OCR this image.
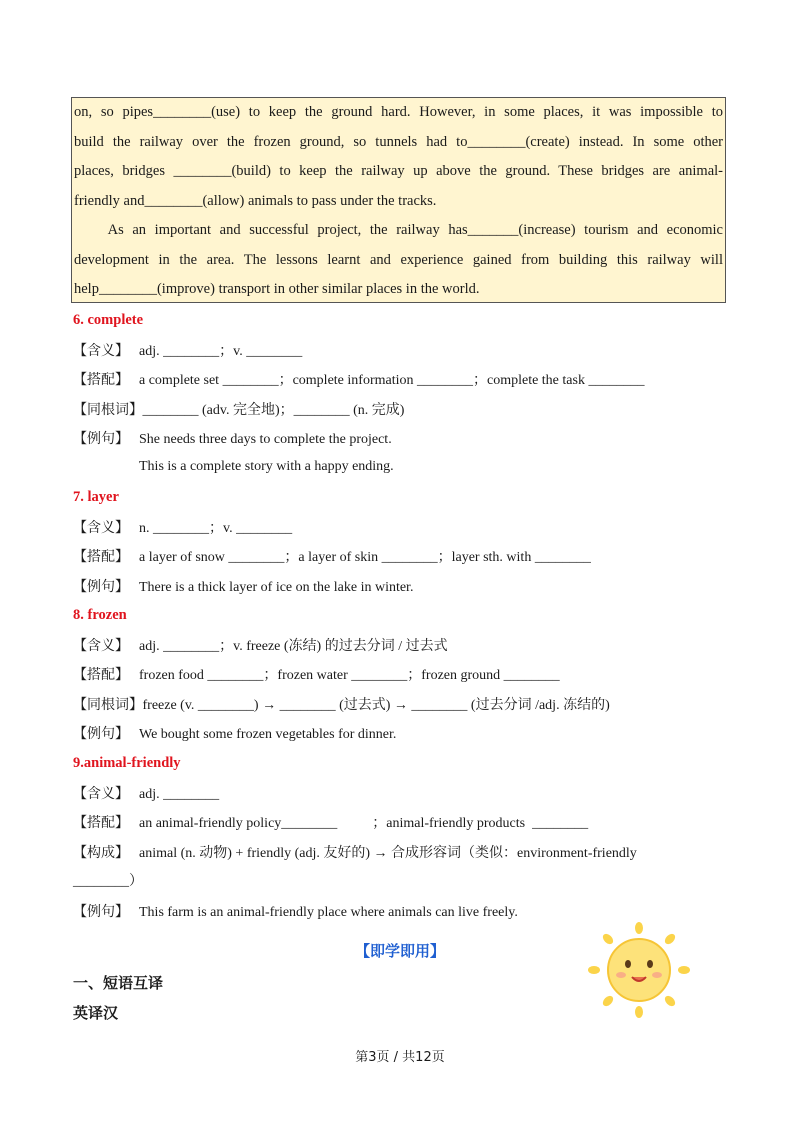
on, so pipes________(use) to keep the ground hard. However, in some places, it was impossible to
build the railway over the frozen ground, so tunnels had to________(create) instead. In some other
places, bridges ________(build) to keep the railway up above the ground. These bridges are animal-
friendly and________(allow) animals to pass under the tracks.
As an important and successful project, the railway has_______(increase) tourism and economic
development in the area. The lessons learnt and experience gained from building this railway will
help________(improve) transport in other similar places in the world.
6. complete
【含义】 adj. ________；v. ________
【搭配】 a complete set ________；complete information ________；complete the task ________
【同根词】 ________ (adv. 完全地)；________ (n. 完成)
【例句】 She needs three days to complete the project.
This is a complete story with a happy ending.
7. layer
【含义】 n. ________；v. ________
【搭配】 a layer of snow ________；a layer of skin ________；layer sth. with ________
【例句】 There is a thick layer of ice on the lake in winter.
8. frozen
【含义】 adj. ________；v. freeze (冻结) 的过去分词 / 过去式
【搭配】 frozen food ________；frozen water ________；frozen ground ________
【同根词】 freeze (v. ________) → ________ (过去式) → ________ (过去分词 /adj. 冻结的)
【例句】 We bought some frozen vegetables for dinner.
9.animal-friendly
【含义】 adj. ________
【搭配】 an animal-friendly policy________          ；animal-friendly products  ________
【构成】 animal (n. 动物) + friendly (adj. 友好的) → 合成形容词（类似：environment-friendly
________）
【例句】 This farm is an animal-friendly place where animals can live freely.
【即学即用】
一、短语互译
英译汉
第3页 / 共12页
